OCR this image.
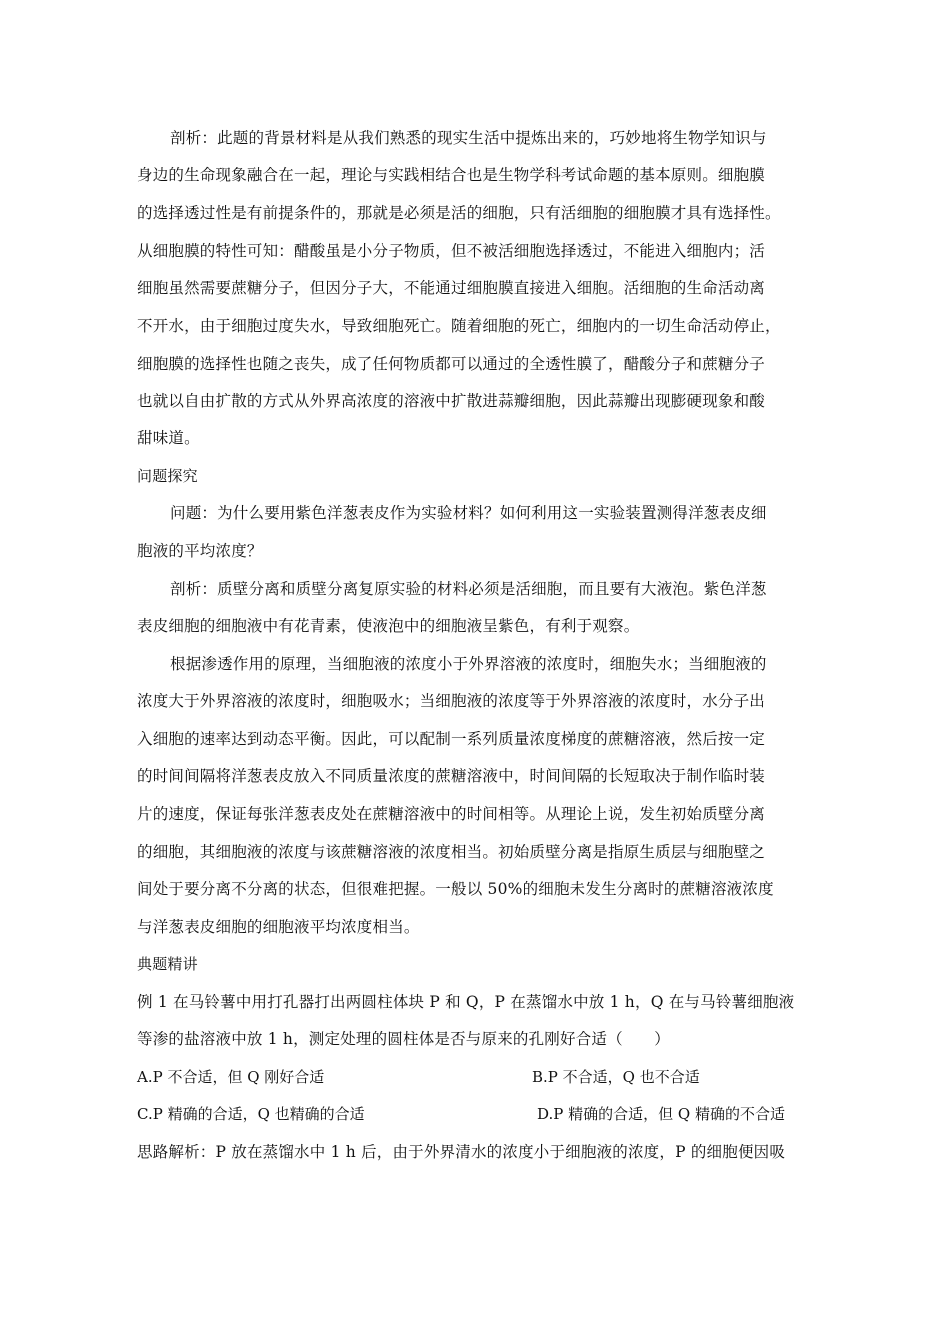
剖析：此题的背景材料是从我们熟悉的现实生活中提炼出来的，巧妙地将生物学知识与
身边的生命现象融合在一起，理论与实践相结合也是生物学科考试命题的基本原则。细胞膜
的选择透过性是有前提条件的，那就是必须是活的细胞，只有活细胞的细胞膜才具有选择性。
从细胞膜的特性可知：醋酸虽是小分子物质，但不被活细胞选择透过，不能进入细胞内；活
细胞虽然需要蔗糖分子，但因分子大，不能通过细胞膜直接进入细胞。活细胞的生命活动离
不开水，由于细胞过度失水，导致细胞死亡。随着细胞的死亡，细胞内的一切生命活动停止，
细胞膜的选择性也随之丧失，成了任何物质都可以通过的全透性膜了，醋酸分子和蔗糖分子
也就以自由扩散的方式从外界高浓度的溶液中扩散进蒜瓣细胞，因此蒜瓣出现膨硬现象和酸
甜味道。
问题探究
问题：为什么要用紫色洋葱表皮作为实验材料？如何利用这一实验装置测得洋葱表皮细
胞液的平均浓度？
剖析：质壁分离和质壁分离复原实验的材料必须是活细胞，而且要有大液泡。紫色洋葱
表皮细胞的细胞液中有花青素，使液泡中的细胞液呈紫色，有利于观察。
根据渗透作用的原理，当细胞液的浓度小于外界溶液的浓度时，细胞失水；当细胞液的
浓度大于外界溶液的浓度时，细胞吸水；当细胞液的浓度等于外界溶液的浓度时，水分子出
入细胞的速率达到动态平衡。因此，可以配制一系列质量浓度梯度的蔗糖溶液，然后按一定
的时间间隔将洋葱表皮放入不同质量浓度的蔗糖溶液中，时间间隔的长短取决于制作临时装
片的速度，保证每张洋葱表皮处在蔗糖溶液中的时间相等。从理论上说，发生初始质壁分离
的细胞，其细胞液的浓度与该蔗糖溶液的浓度相当。初始质壁分离是指原生质层与细胞壁之
间处于要分离不分离的状态，但很难把握。一般以 50%的细胞未发生分离时的蔗糖溶液浓度
与洋葱表皮细胞的细胞液平均浓度相当。
典题精讲
例 1 在马铃薯中用打孔器打出两圆柱体块 P 和 Q，P 在蒸馏水中放 1 h，Q 在与马铃薯细胞液
等渗的盐溶液中放 1 h，测定处理的圆柱体是否与原来的孔刚好合适（　　）
A.P 不合适，但 Q 刚好合适	B.P 不合适，Q 也不合适
C.P 精确的合适，Q 也精确的合适	D.P 精确的合适，但 Q 精确的不合适
思路解析：P 放在蒸馏水中 1 h 后，由于外界清水的浓度小于细胞液的浓度，P 的细胞便因吸
